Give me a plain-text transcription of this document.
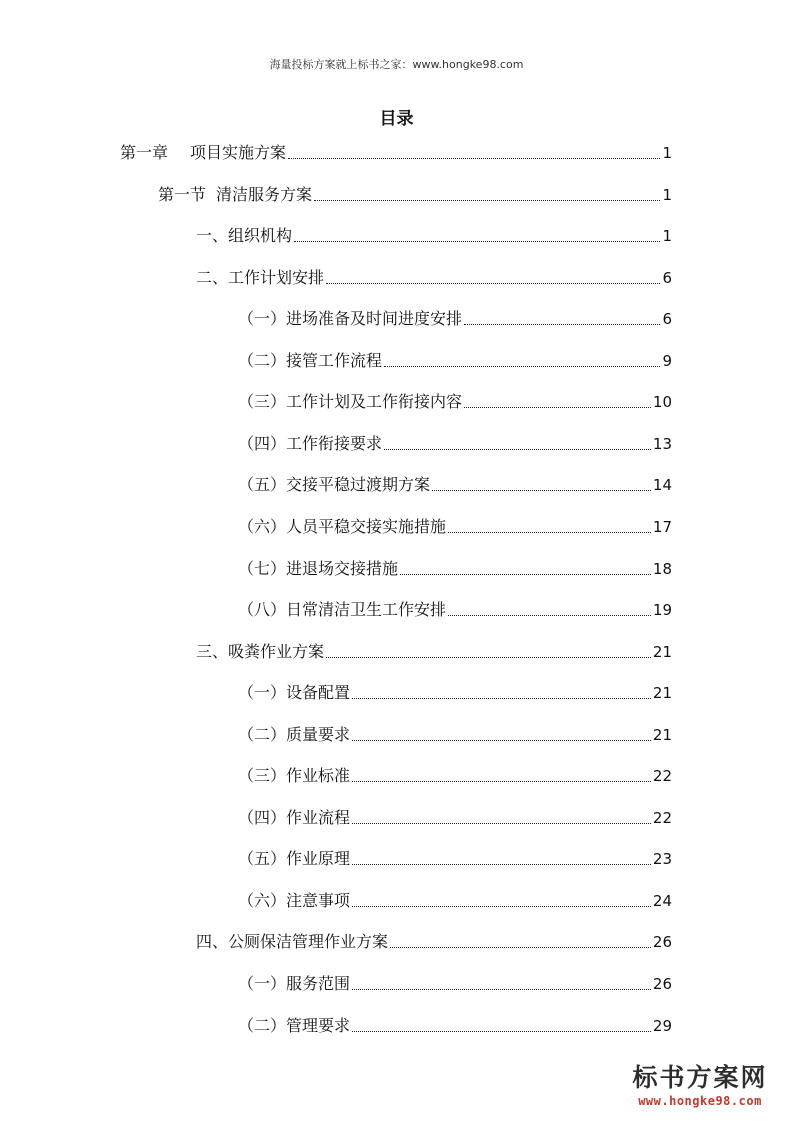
海量投标方案就上标书之家：www.hongke98.com
目录
第一章 项目实施方案	1
第一节 清洁服务方案	1
一、组织机构	1
二、工作计划安排	6
（一）进场准备及时间进度安排	6
（二）接管工作流程	9
（三）工作计划及工作衔接内容	10
（四）工作衔接要求	13
（五）交接平稳过渡期方案	14
（六）人员平稳交接实施措施	17
（七）进退场交接措施	18
（八）日常清洁卫生工作安排	19
三、吸粪作业方案	21
（一）设备配置	21
（二）质量要求	21
（三）作业标准	22
（四）作业流程	22
（五）作业原理	23
（六）注意事项	24
四、公厕保洁管理作业方案	26
（一）服务范围	26
（二）管理要求	29
标书方案网
www.hongke98.com
